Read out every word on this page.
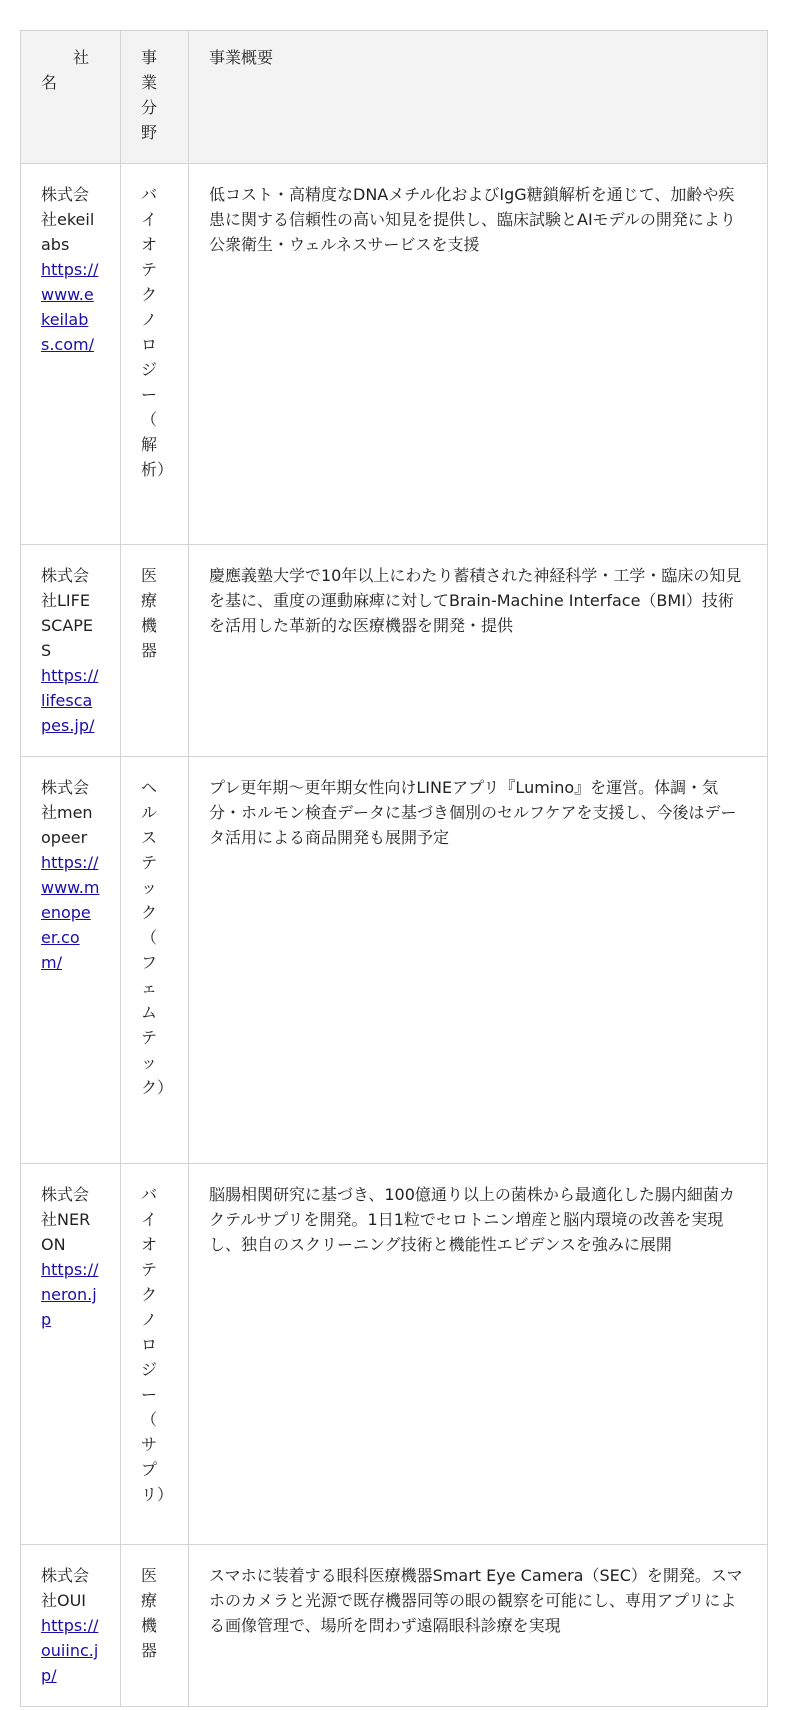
社名	事業分野	事業概要

株式会社ekeilabs
https://www.ekeilabs.com/	バイオテクノロジー（解析）	低コスト・高精度なDNAメチル化およびIgG糖鎖解析を通じて、加齢や疾患に関する信頼性の高い知見を提供し、臨床試験とAIモデルの開発により公衆衛生・ウェルネスサービスを支援

株式会社LIFESCAPES
https://lifescapes.jp/	医療機器	慶應義塾大学で10年以上にわたり蓄積された神経科学・工学・臨床の知見を基に、重度の運動麻痺に対してBrain-Machine Interface（BMI）技術を活用した革新的な医療機器を開発・提供

株式会社menopeer
https://www.menopeer.com/	ヘルステック（フェムテック）	プレ更年期〜更年期女性向けLINEアプリ『Lumino』を運営。体調・気分・ホルモン検査データに基づき個別のセルフケアを支援し、今後はデータ活用による商品開発も展開予定

株式会社NERON
https://neron.jp	バイオテクノロジー（サプリ）	脳腸相関研究に基づき、100億通り以上の菌株から最適化した腸内細菌カクテルサプリを開発。1日1粒でセロトニン増産と脳内環境の改善を実現し、独自のスクリーニング技術と機能性エビデンスを強みに展開

株式会社OUI
https://ouiinc.jp/	医療機器	スマホに装着する眼科医療機器Smart Eye Camera（SEC）を開発。スマホのカメラと光源で既存機器同等の眼の観察を可能にし、専用アプリによる画像管理で、場所を問わず遠隔眼科診療を実現
